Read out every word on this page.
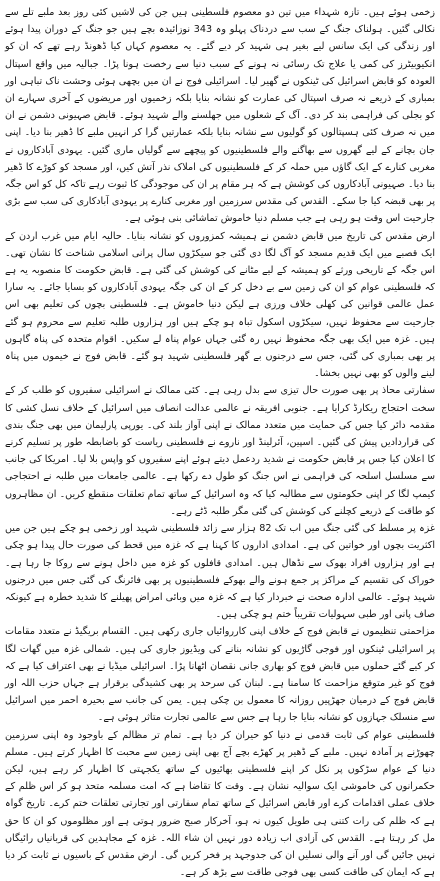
زخمی ہوئے ہیں۔ تازہ شہداء میں تین دو معصوم فلسطینی ہیں جن کی لاشیں کئی روز بعد ملبے تلے سے نکالی گئیں۔ ہولناک جنگ کے سب سے دردناک پہلو وہ 343 نوزائیدہ بچے ہیں جو جنگ کے دوران پیدا ہوئے اور زندگی کی ایک سانس لیے بغیر ہی شہید کر دیے گئے۔ یہ معصوم کہاں کیا ڈھونڈ رہے تھے کہ ان کو انکیوبیٹرز کی کمی یا علاج تک رسائی نہ ہونے کے سبب دنیا سے رخصت ہونا پڑا۔ جبالیہ میں واقع اسپتال العودہ کو قابض اسرائیل کی ٹینکوں نے گھیر لیا۔ اسرائیلی فوج نے ان میں بچھی ہوئی وحشت ناک تباہی اور بمباری کے ذریعے نہ صرف اسپتال کی عمارت کو نشانہ بنایا بلکہ زخمیوں اور مریضوں کے آخری سہارے ان کو بجلی کی فراہمی بند کر دی۔ آگ کے شعلوں میں جھلسنے والے شہید ہوئے۔ قابض صہیونی دشمن نے ان میں نہ صرف کئی ہسپتالوں کو گولیوں سے نشانہ بنایا بلکہ عمارتیں گرا کر انہیں ملبے کا ڈھیر بنا دیا۔ اپنی جان بچانے کے لیے گھروں سے بھاگنے والے فلسطینیوں کو پیچھے سے گولیاں ماری گئیں۔ یہودی آبادکاروں نے مغربی کنارے کے ایک گاؤں میں حملہ کر کے فلسطینیوں کی املاک نذر آتش کیں، اور مسجد کو کوڑے کا ڈھیر بنا دیا۔ صہیونی آبادکاروں کی کوشش ہے کہ ہر مقام پر ان کی موجودگی کا ثبوت رہے تاکہ کل کو اس جگہ پر بھی قبضہ کیا جا سکے۔ القدس کی مقدس سرزمین اور مغربی کنارے پر یہودی آبادکاری کی سب سے بڑی جارحیت اس وقت ہو رہی ہے جب مسلم دنیا خاموش تماشائی بنی ہوئی ہے۔

ارض مقدس کی تاریخ میں قابض دشمن نے ہمیشہ کمزوروں کو نشانہ بنایا۔ حالیہ ایام میں غرب اردن کے ایک قصبے میں ایک قدیم مسجد کو آگ لگا دی گئی جو سیکڑوں سال پرانی اسلامی شناخت کا نشان تھی۔ اس جگہ کے تاریخی ورثے کو ہمیشہ کے لیے مٹانے کی کوشش کی گئی ہے۔ قابض حکومت کا منصوبہ یہ ہے کہ فلسطینی عوام کو ان کی زمین سے بے دخل کر کے ان کی جگہ یہودی آبادکاروں کو بسایا جائے۔ یہ سارا عمل عالمی قوانین کی کھلی خلاف ورزی ہے لیکن دنیا خاموش ہے۔ فلسطینی بچوں کی تعلیم بھی اس جارحیت سے محفوظ نہیں، سیکڑوں اسکول تباہ ہو چکے ہیں اور ہزاروں طلبہ تعلیم سے محروم ہو گئے ہیں۔ غزہ میں ایک بھی جگہ محفوظ نہیں رہ گئی جہاں عوام پناہ لے سکیں۔ اقوام متحدہ کی پناہ گاہوں پر بھی بمباری کی گئی، جس سے درجنوں بے گھر فلسطینی شہید ہو گئے۔ قابض فوج نے خیموں میں پناہ لینے والوں کو بھی نہیں بخشا۔

سفارتی محاذ پر بھی صورت حال تیزی سے بدل رہی ہے۔ کئی ممالک نے اسرائیلی سفیروں کو طلب کر کے سخت احتجاج ریکارڈ کرایا ہے۔ جنوبی افریقہ نے عالمی عدالت انصاف میں اسرائیل کے خلاف نسل کشی کا مقدمہ دائر کیا جس کی حمایت میں متعدد ممالک نے اپنی آواز بلند کی۔ یورپی پارلیمان میں بھی جنگ بندی کی قراردادیں پیش کی گئیں۔ اسپین، آئرلینڈ اور ناروے نے فلسطینی ریاست کو باضابطہ طور پر تسلیم کرنے کا اعلان کیا جس پر قابض حکومت نے شدید ردعمل دیتے ہوئے اپنے سفیروں کو واپس بلا لیا۔ امریکا کی جانب سے مسلسل اسلحہ کی فراہمی نے اس جنگ کو طول دے رکھا ہے۔ عالمی جامعات میں طلبہ نے احتجاجی کیمپ لگا کر اپنی حکومتوں سے مطالبہ کیا کہ وہ اسرائیل کے ساتھ تمام تعلقات منقطع کریں۔ ان مظاہروں کو طاقت کے ذریعے کچلنے کی کوشش کی گئی مگر طلبہ ڈٹے رہے۔

غزہ پر مسلط کی گئی جنگ میں اب تک 82 ہزار سے زائد فلسطینی شہید اور زخمی ہو چکے ہیں جن میں اکثریت بچوں اور خواتین کی ہے۔ امدادی اداروں کا کہنا ہے کہ غزہ میں قحط کی صورت حال پیدا ہو چکی ہے اور ہزاروں افراد بھوک سے نڈھال ہیں۔ امدادی قافلوں کو غزہ میں داخل ہونے سے روکا جا رہا ہے۔ خوراک کی تقسیم کے مراکز پر جمع ہونے والے بھوکے فلسطینیوں پر بھی فائرنگ کی گئی جس میں درجنوں شہید ہوئے۔ عالمی ادارہ صحت نے خبردار کیا ہے کہ غزہ میں وبائی امراض پھیلنے کا شدید خطرہ ہے کیونکہ صاف پانی اور طبی سہولیات تقریباً ختم ہو چکی ہیں۔

مزاحمتی تنظیموں نے قابض فوج کے خلاف اپنی کارروائیاں جاری رکھی ہیں۔ القسام بریگیڈ نے متعدد مقامات پر اسرائیلی ٹینکوں اور فوجی گاڑیوں کو نشانہ بنانے کی ویڈیوز جاری کی ہیں۔ شمالی غزہ میں گھات لگا کر کیے گئے حملوں میں قابض فوج کو بھاری جانی نقصان اٹھانا پڑا۔ اسرائیلی میڈیا نے بھی اعتراف کیا ہے کہ فوج کو غیر متوقع مزاحمت کا سامنا ہے۔ لبنان کی سرحد پر بھی کشیدگی برقرار ہے جہاں حزب اللہ اور قابض فوج کے درمیان جھڑپیں روزانہ کا معمول بن چکی ہیں۔ یمن کی جانب سے بحیرہ احمر میں اسرائیل سے منسلک جہازوں کو نشانہ بنایا جا رہا ہے جس سے عالمی تجارت متاثر ہوئی ہے۔

فلسطینی عوام کی ثابت قدمی نے دنیا کو حیران کر دیا ہے۔ تمام تر مظالم کے باوجود وہ اپنی سرزمین چھوڑنے پر آمادہ نہیں۔ ملبے کے ڈھیر پر کھڑے بچے آج بھی اپنی زمین سے محبت کا اظہار کرتے ہیں۔ مسلم دنیا کے عوام سڑکوں پر نکل کر اپنے فلسطینی بھائیوں کے ساتھ یکجہتی کا اظہار کر رہے ہیں، لیکن حکمرانوں کی خاموشی ایک سوالیہ نشان ہے۔ وقت کا تقاضا ہے کہ امت مسلمہ متحد ہو کر اس ظلم کے خلاف عملی اقدامات کرے اور قابض اسرائیل کے ساتھ تمام سفارتی اور تجارتی تعلقات ختم کرے۔ تاریخ گواہ ہے کہ ظلم کی رات کتنی ہی طویل کیوں نہ ہو، آخرکار صبح ضرور ہوتی ہے اور مظلوموں کو ان کا حق مل کر رہتا ہے۔ القدس کی آزادی اب زیادہ دور نہیں ان شاء اللہ۔ غزہ کے مجاہدین کی قربانیاں رائیگاں نہیں جائیں گی اور آنے والی نسلیں ان کی جدوجہد پر فخر کریں گی۔ ارض مقدس کے باسیوں نے ثابت کر دیا ہے کہ ایمان کی طاقت کسی بھی فوجی طاقت سے بڑھ کر ہے۔
